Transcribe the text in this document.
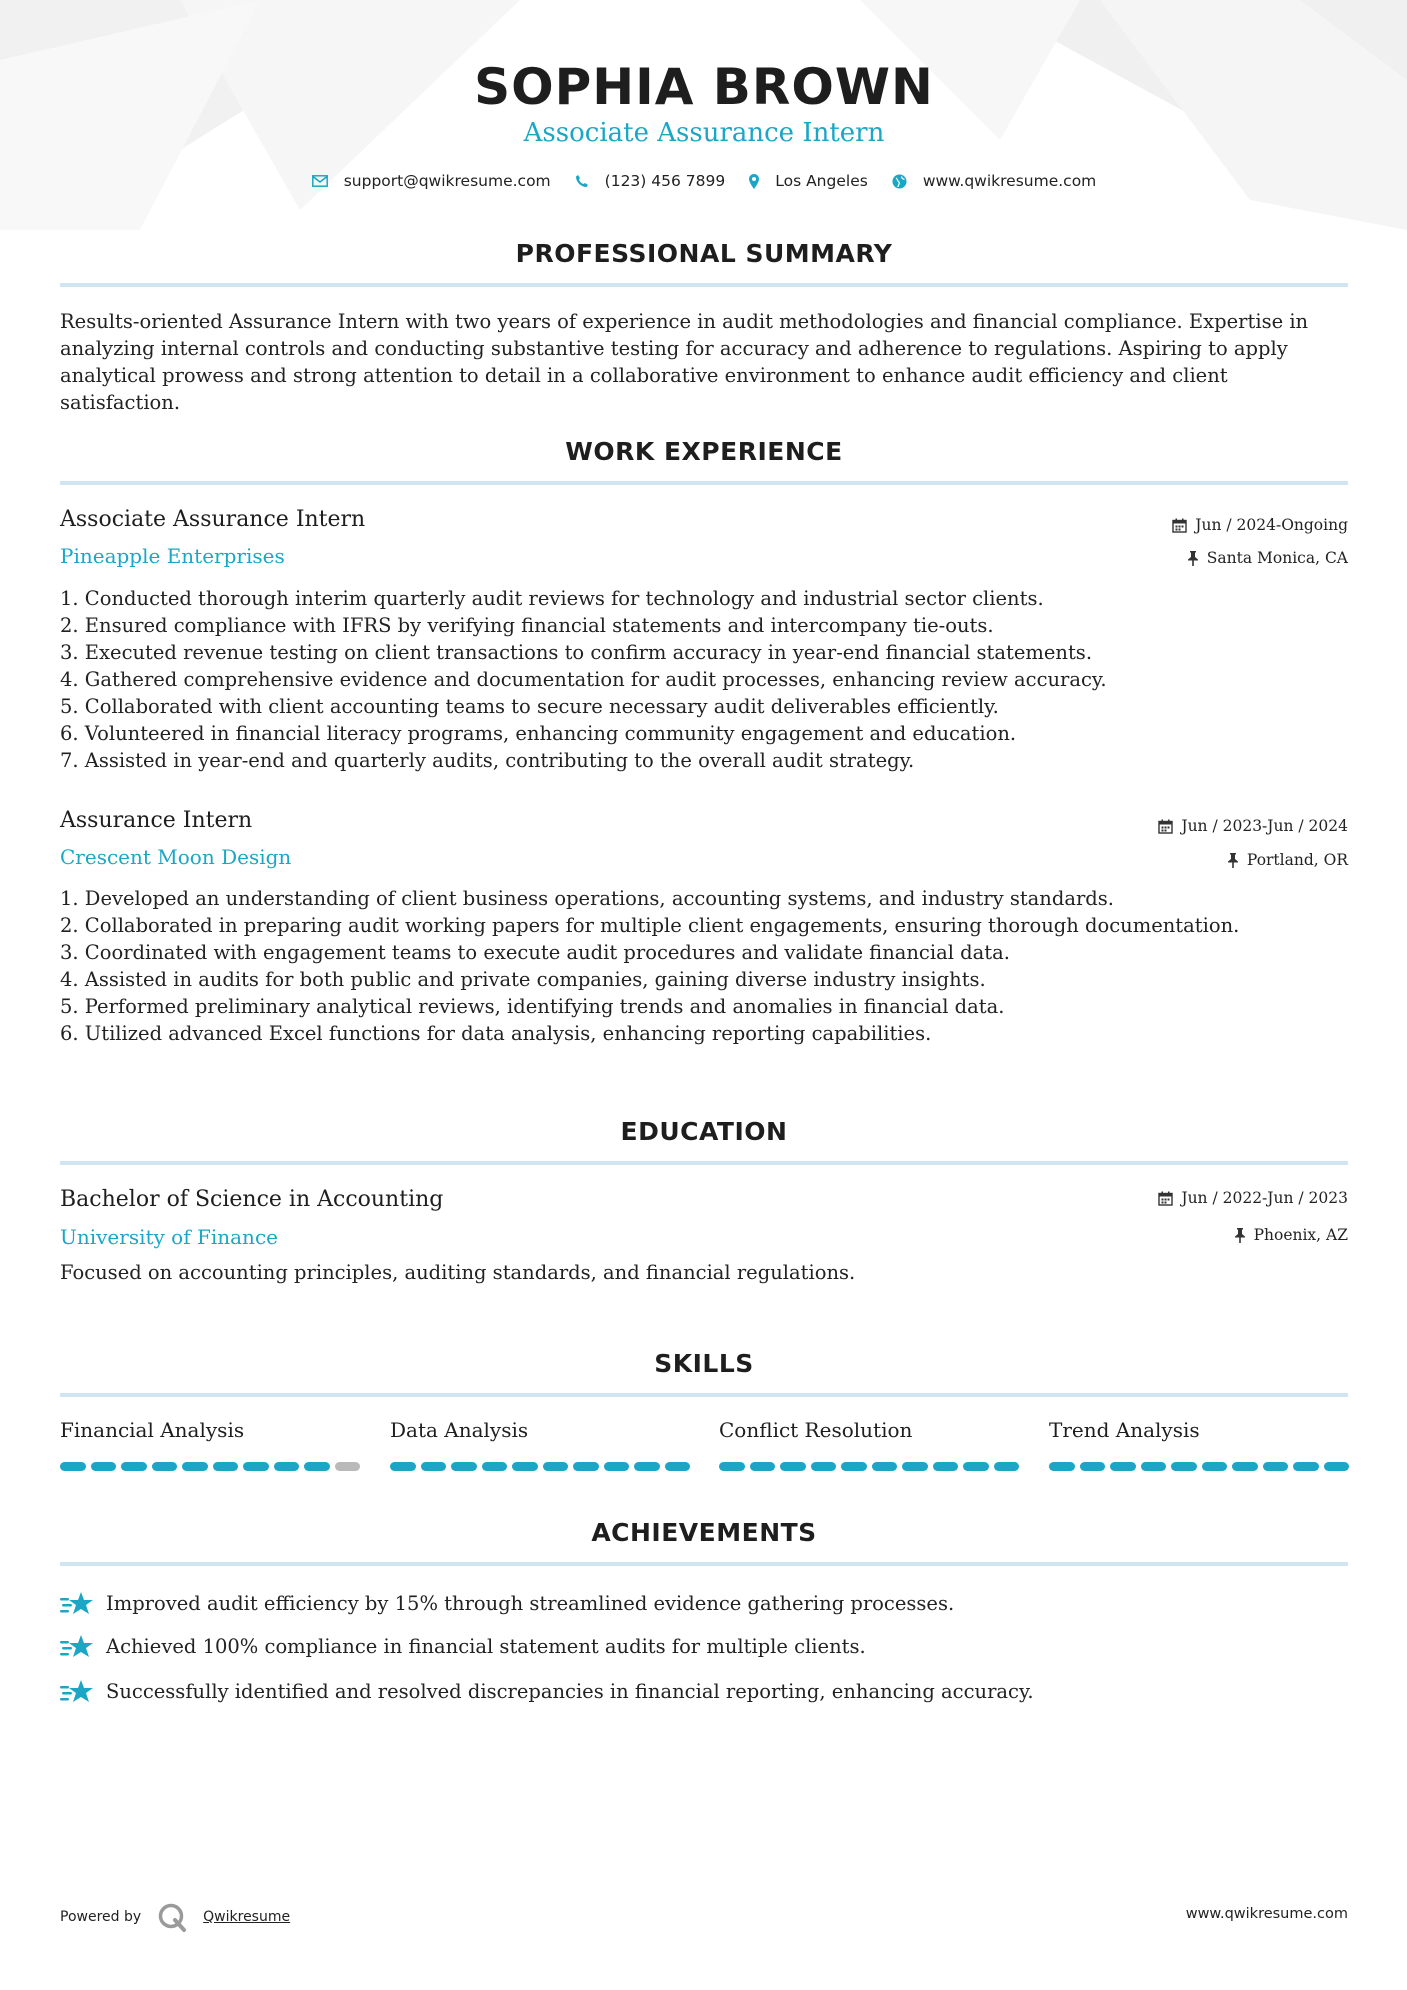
SOPHIA BROWN
Associate Assurance Intern
support@qwikresume.com	(123) 456 7899	Los Angeles	www.qwikresume.com
PROFESSIONAL SUMMARY

Results-oriented Assurance Intern with two years of experience in audit methodologies and financial compliance. Expertise in analyzing internal controls and conducting substantive testing for accuracy and adherence to regulations. Aspiring to apply analytical prowess and strong attention to detail in a collaborative environment to enhance audit efficiency and client satisfaction.

WORK EXPERIENCE
Associate Assurance Intern
Pineapple Enterprises
Jun / 2024-Ongoing
Santa Monica, CA
1. Conducted thorough interim quarterly audit reviews for technology and industrial sector clients.
2. Ensured compliance with IFRS by verifying financial statements and intercompany tie-outs.
3. Executed revenue testing on client transactions to confirm accuracy in year-end financial statements.
4. Gathered comprehensive evidence and documentation for audit processes, enhancing review accuracy.
5. Collaborated with client accounting teams to secure necessary audit deliverables efficiently.
6. Volunteered in financial literacy programs, enhancing community engagement and education.
7. Assisted in year-end and quarterly audits, contributing to the overall audit strategy.
Assurance Intern
Crescent Moon Design
Jun / 2023-Jun / 2024
Portland, OR
1. Developed an understanding of client business operations, accounting systems, and industry standards.
2. Collaborated in preparing audit working papers for multiple client engagements, ensuring thorough documentation.
3. Coordinated with engagement teams to execute audit procedures and validate financial data.
4. Assisted in audits for both public and private companies, gaining diverse industry insights.
5. Performed preliminary analytical reviews, identifying trends and anomalies in financial data.
6. Utilized advanced Excel functions for data analysis, enhancing reporting capabilities.
EDUCATION
Bachelor of Science in Accounting
University of Finance
Jun / 2022-Jun / 2023
Phoenix, AZ

Focused on accounting principles, auditing standards, and financial regulations.

SKILLS
Financial Analysis	Data Analysis	Conflict Resolution	Trend Analysis
ACHIEVEMENTS
Improved audit efficiency by 15% through streamlined evidence gathering processes.
Achieved 100% compliance in financial statement audits for multiple clients.
Successfully identified and resolved discrepancies in financial reporting, enhancing accuracy.
Powered by	Qwikresume	www.qwikresume.com
